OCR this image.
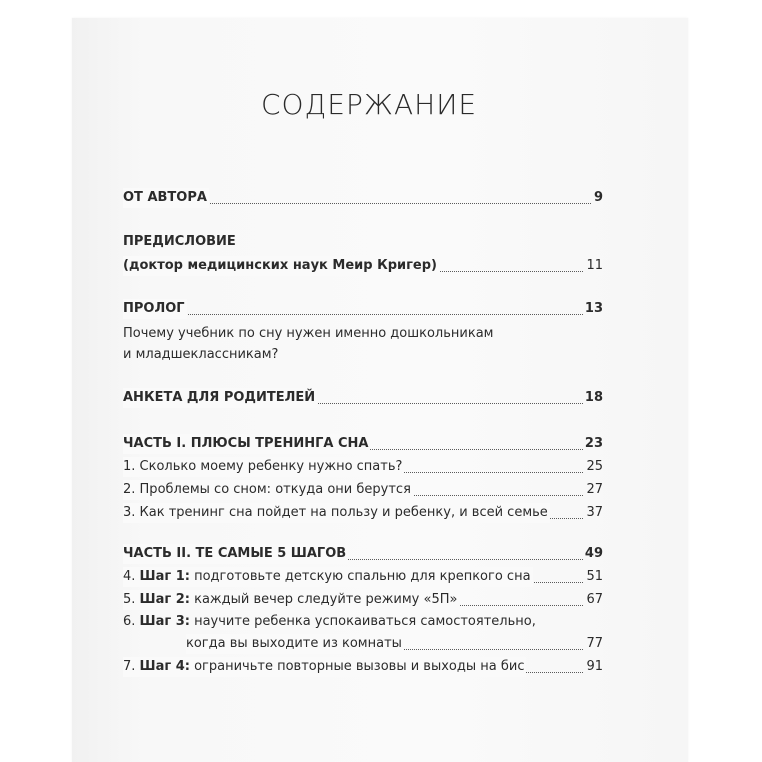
СОДЕРЖАНИЕ
ОТ АВТОРА	9
ПРЕДИСЛОВИЕ
(доктор медицинских наук Меир Кригер)	11
ПРОЛОГ	13
Почему учебник по сну нужен именно дошкольникам
и младшеклассникам?
АНКЕТА ДЛЯ РОДИТЕЛЕЙ	18
ЧАСТЬ I. ПЛЮСЫ ТРЕНИНГА СНА	23
1. Сколько моему ребенку нужно спать?	25
2. Проблемы со сном: откуда они берутся	27
3. Как тренинг сна пойдет на пользу и ребенку, и всей семье	37
ЧАСТЬ II. ТЕ САМЫЕ 5 ШАГОВ	49
4. Шаг 1: подготовьте детскую спальню для крепкого сна	51
5. Шаг 2: каждый вечер следуйте режиму «5П»	67
6. Шаг 3: научите ребенка успокаиваться самостоятельно,
когда вы выходите из комнаты	77
7. Шаг 4: ограничьте повторные вызовы и выходы на бис	91
